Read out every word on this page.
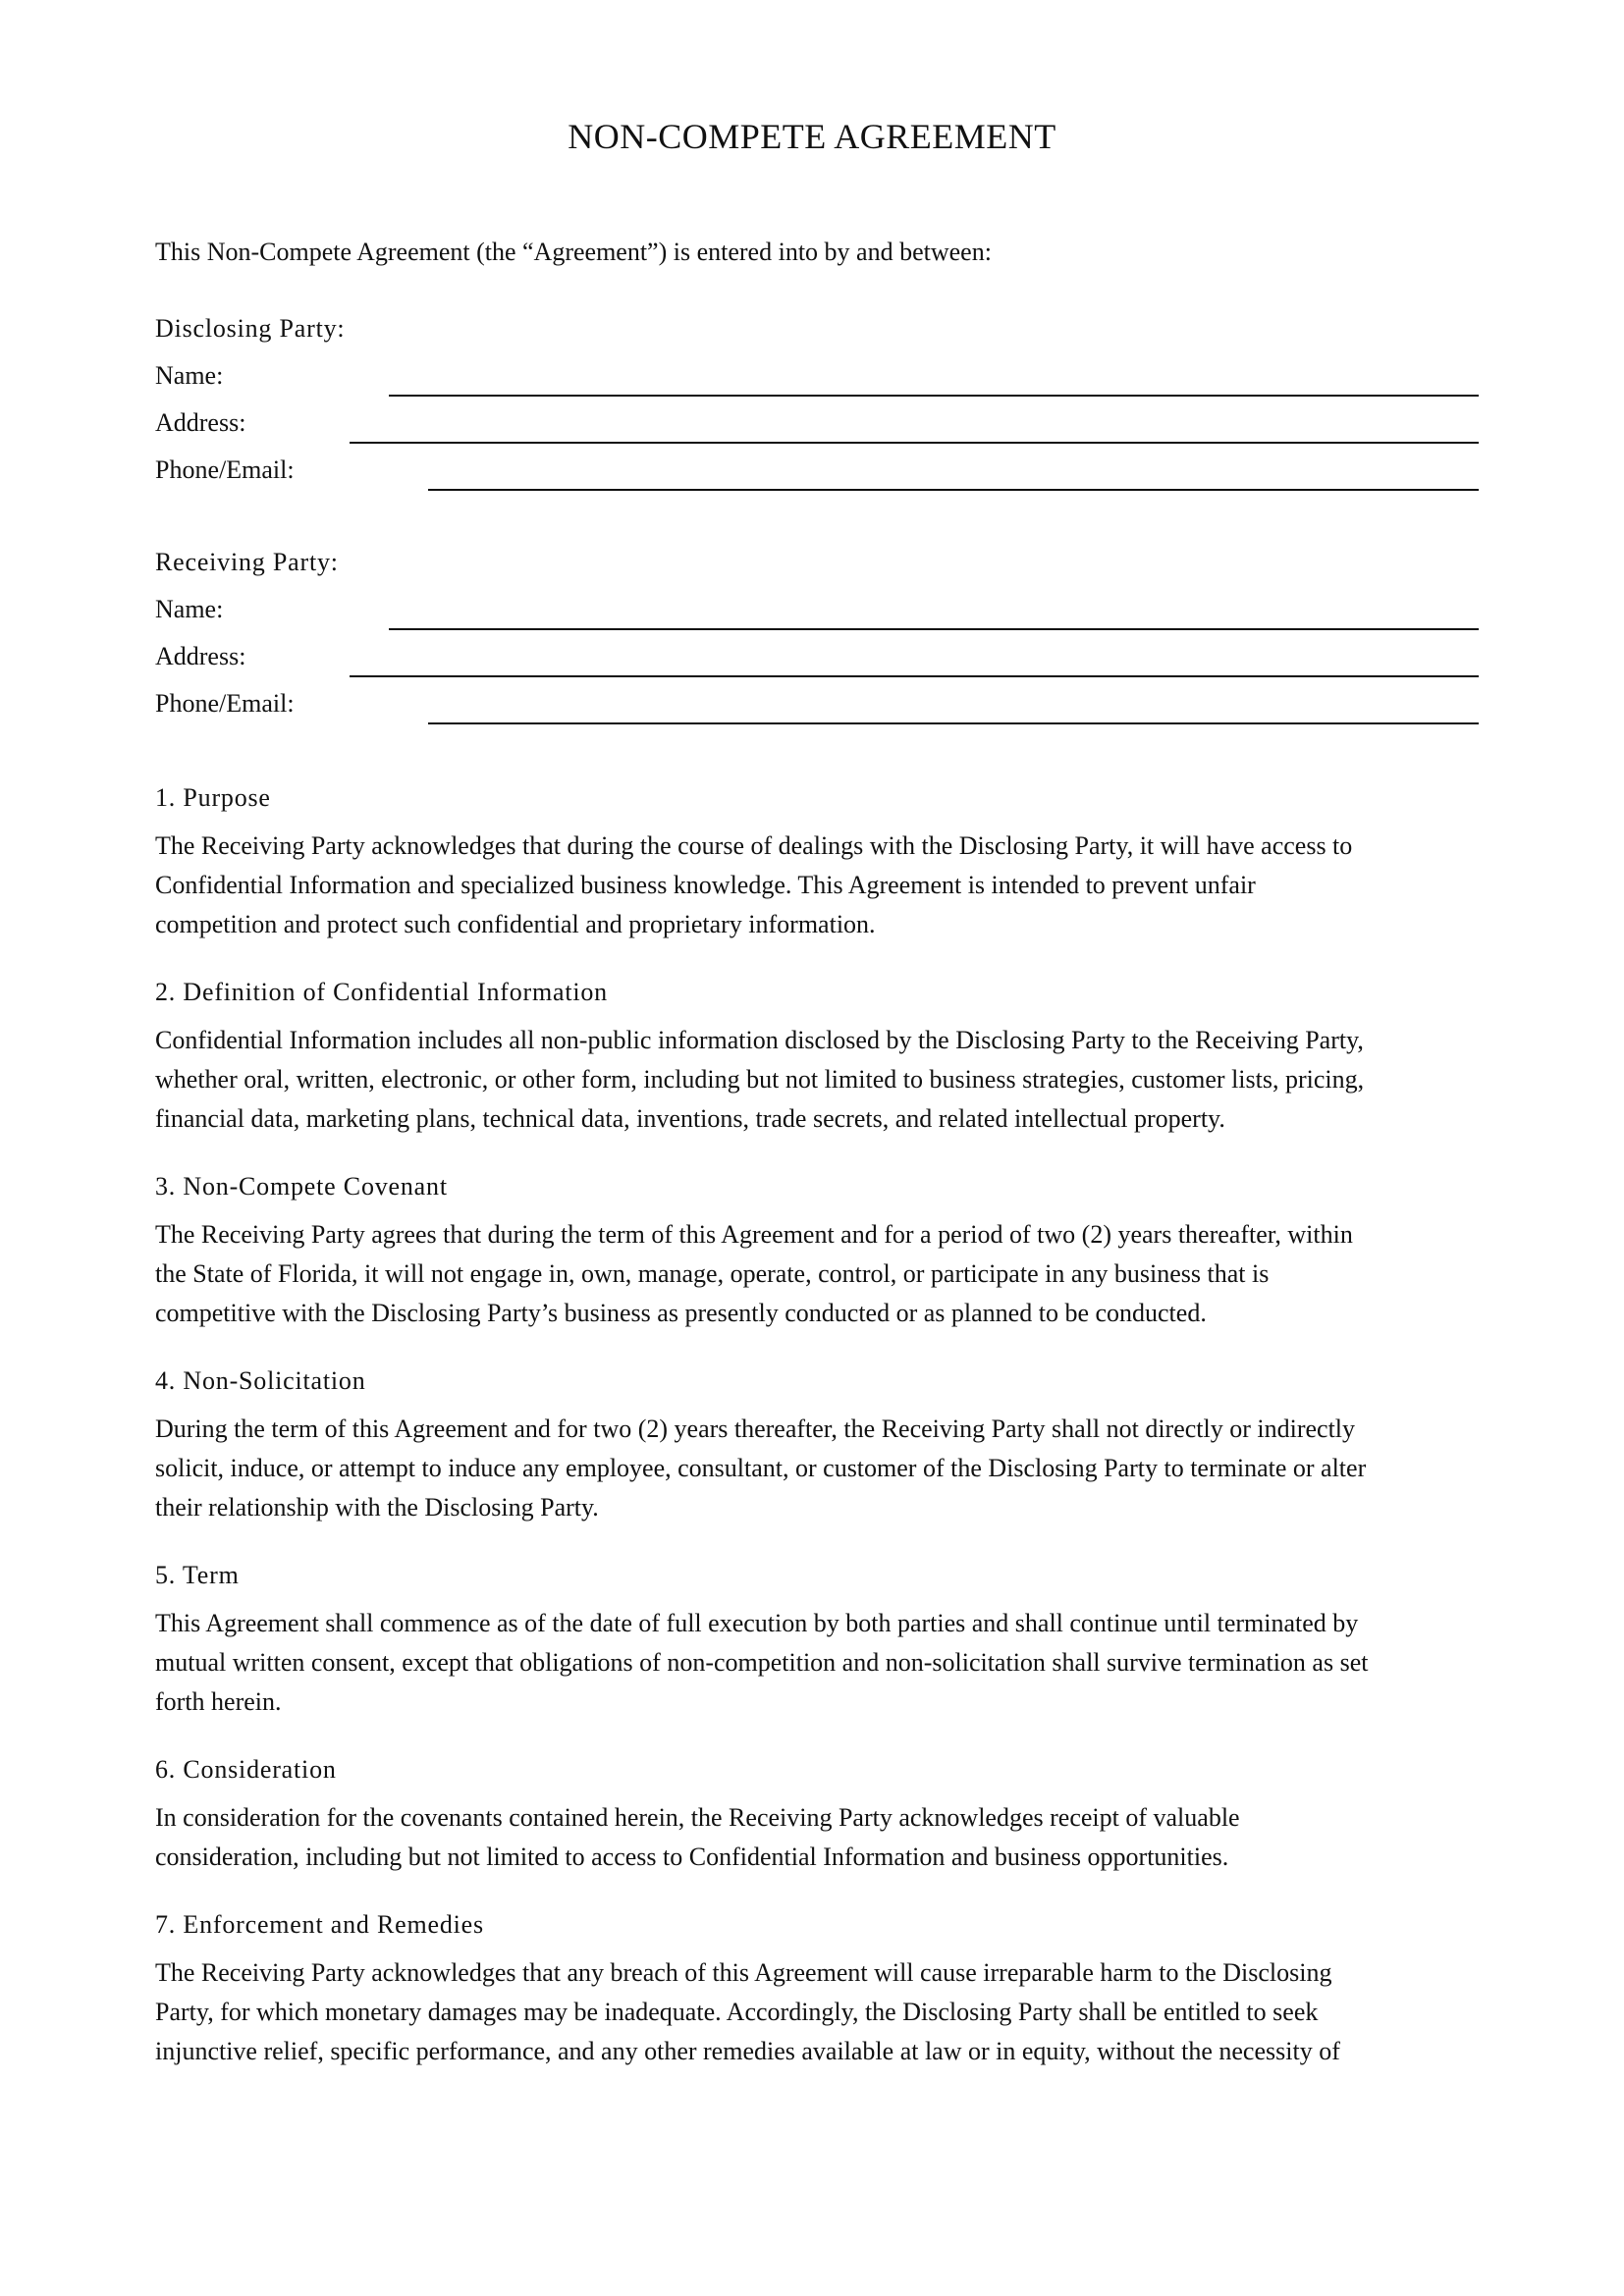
NON-COMPETE AGREEMENT
This Non-Compete Agreement (the “Agreement”) is entered into by and between:
Disclosing Party:
Name:
Address:
Phone/Email:
Receiving Party:
Name:
Address:
Phone/Email:
1. Purpose
The Receiving Party acknowledges that during the course of dealings with the Disclosing Party, it will have access to
Confidential Information and specialized business knowledge. This Agreement is intended to prevent unfair
competition and protect such confidential and proprietary information.
2. Definition of Confidential Information
Confidential Information includes all non-public information disclosed by the Disclosing Party to the Receiving Party,
whether oral, written, electronic, or other form, including but not limited to business strategies, customer lists, pricing,
financial data, marketing plans, technical data, inventions, trade secrets, and related intellectual property.
3. Non-Compete Covenant
The Receiving Party agrees that during the term of this Agreement and for a period of two (2) years thereafter, within
the State of Florida, it will not engage in, own, manage, operate, control, or participate in any business that is
competitive with the Disclosing Party’s business as presently conducted or as planned to be conducted.
4. Non-Solicitation
During the term of this Agreement and for two (2) years thereafter, the Receiving Party shall not directly or indirectly
solicit, induce, or attempt to induce any employee, consultant, or customer of the Disclosing Party to terminate or alter
their relationship with the Disclosing Party.
5. Term
This Agreement shall commence as of the date of full execution by both parties and shall continue until terminated by
mutual written consent, except that obligations of non-competition and non-solicitation shall survive termination as set
forth herein.
6. Consideration
In consideration for the covenants contained herein, the Receiving Party acknowledges receipt of valuable
consideration, including but not limited to access to Confidential Information and business opportunities.
7. Enforcement and Remedies
The Receiving Party acknowledges that any breach of this Agreement will cause irreparable harm to the Disclosing
Party, for which monetary damages may be inadequate. Accordingly, the Disclosing Party shall be entitled to seek
injunctive relief, specific performance, and any other remedies available at law or in equity, without the necessity of
